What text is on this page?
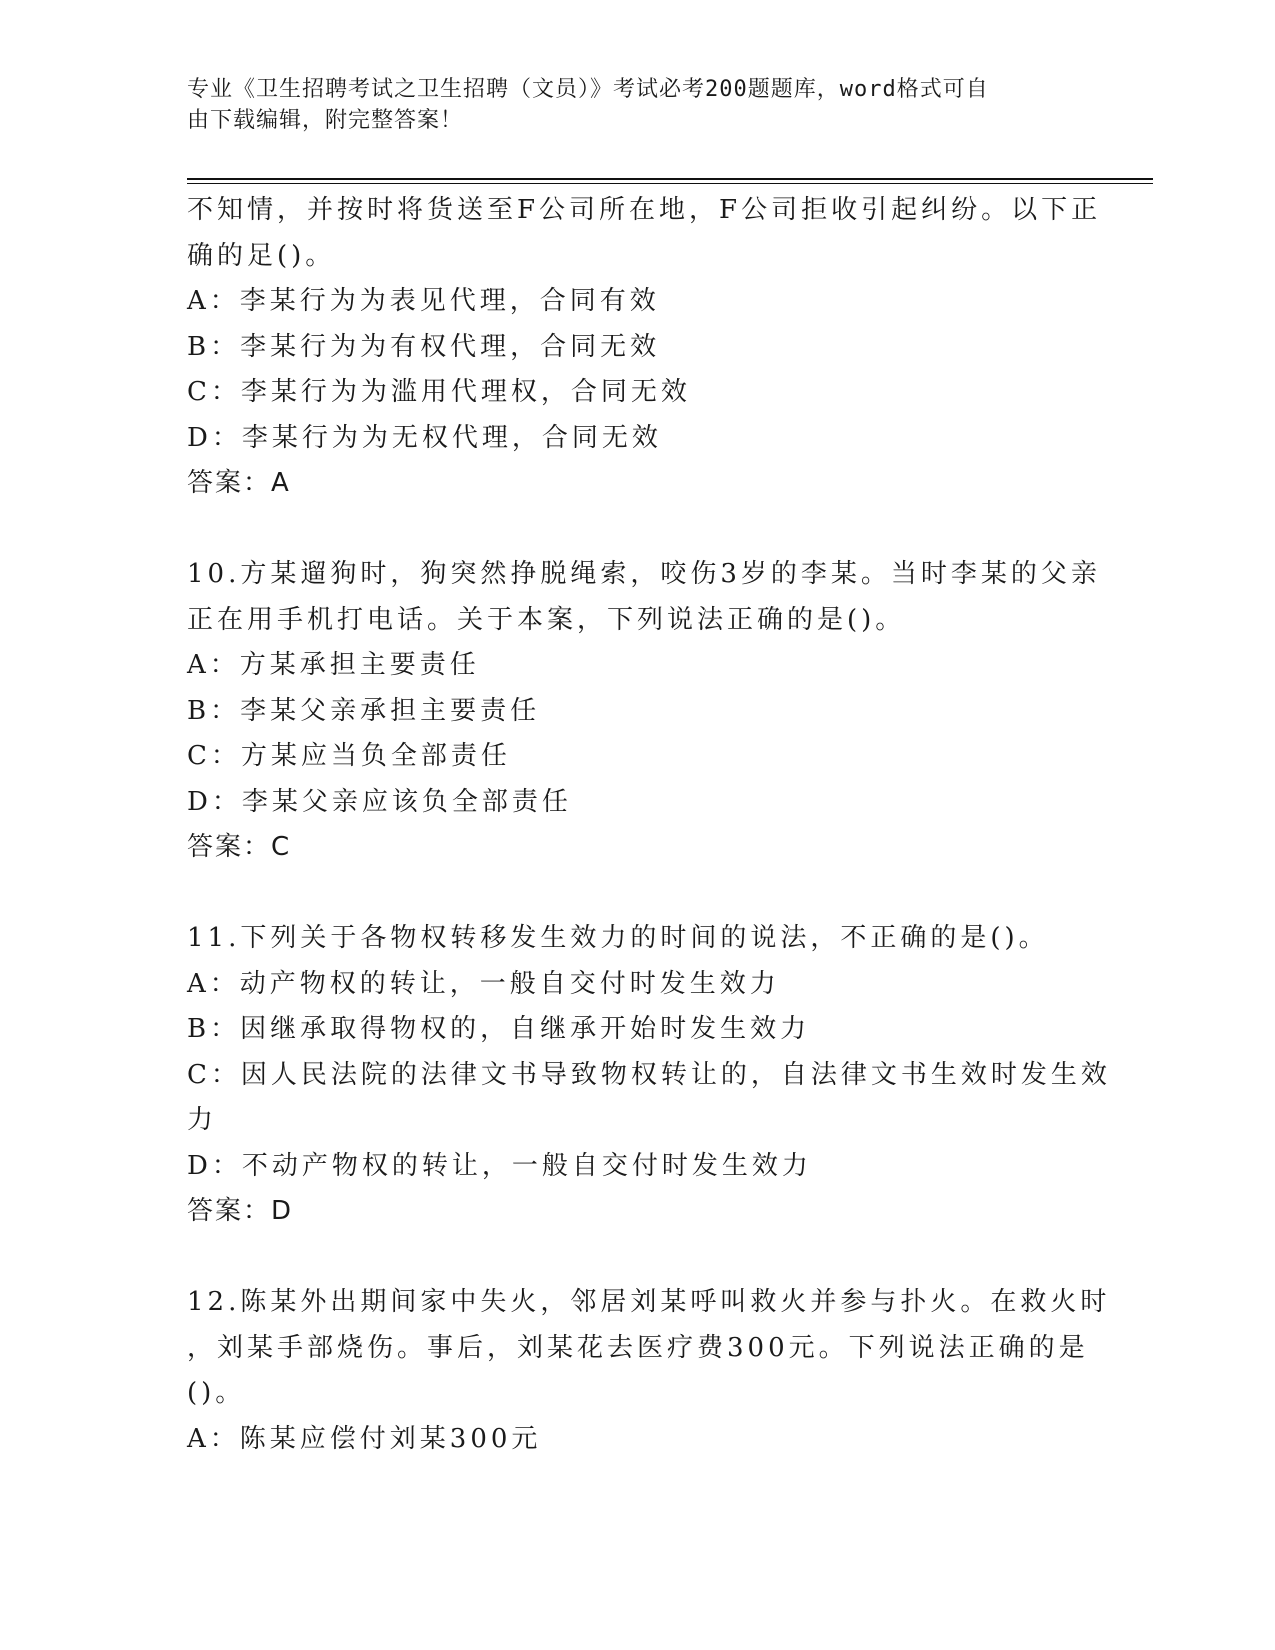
专业《卫生招聘考试之卫生招聘（文员）》考试必考200题题库，word格式可自
由下载编辑，附完整答案！
不知情，并按时将货送至F公司所在地，F公司拒收引起纠纷。以下正
确的足()。
A：李某行为为表见代理，合同有效
B：李某行为为有权代理，合同无效
C：李某行为为滥用代理权，合同无效
D：李某行为为无权代理，合同无效
答案：A
10.方某遛狗时，狗突然挣脱绳索，咬伤3岁的李某。当时李某的父亲
正在用手机打电话。关于本案，下列说法正确的是()。
A：方某承担主要责任
B：李某父亲承担主要责任
C：方某应当负全部责任
D：李某父亲应该负全部责任
答案：C
11.下列关于各物权转移发生效力的时间的说法，不正确的是()。
A：动产物权的转让，一般自交付时发生效力
B：因继承取得物权的，自继承开始时发生效力
C：因人民法院的法律文书导致物权转让的，自法律文书生效时发生效
力
D：不动产物权的转让，一般自交付时发生效力
答案：D
12.陈某外出期间家中失火，邻居刘某呼叫救火并参与扑火。在救火时
，刘某手部烧伤。事后，刘某花去医疗费300元。下列说法正确的是
()。
A：陈某应偿付刘某300元
